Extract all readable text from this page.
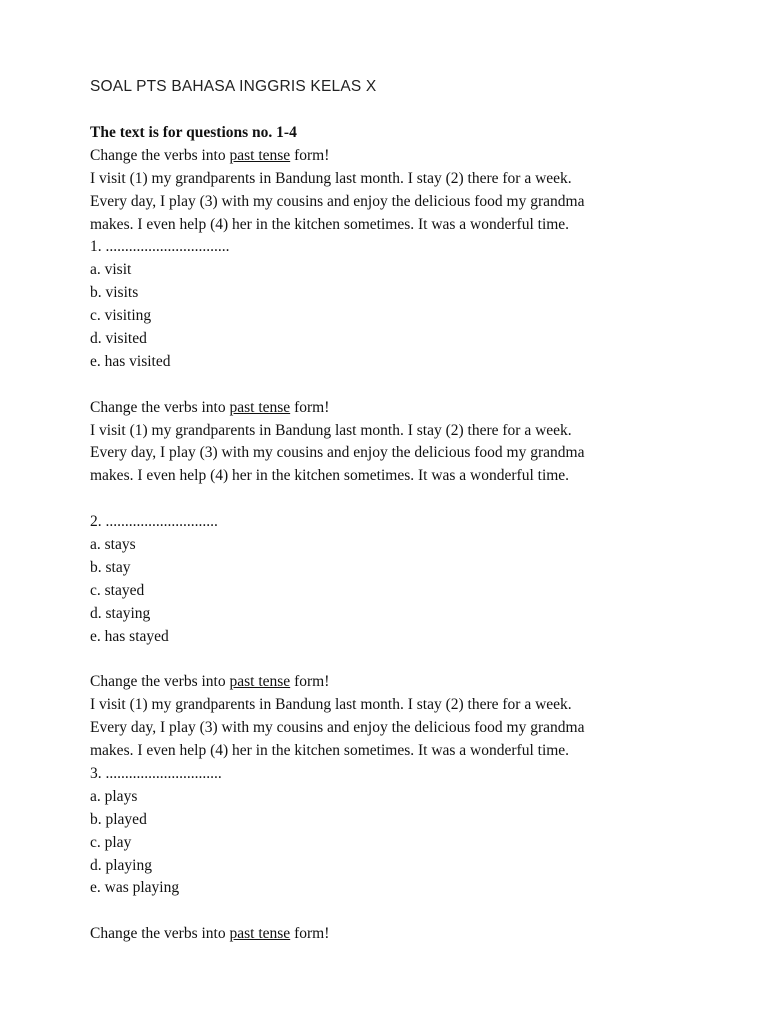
SOAL PTS BAHASA INGGRIS KELAS X
The text is for questions no. 1-4
Change the verbs into past tense form!
I visit (1) my grandparents in Bandung last month. I stay (2) there for a week.
Every day, I play (3) with my cousins and enjoy the delicious food my grandma
makes. I even help (4) her in the kitchen sometimes. It was a wonderful time.
1. ................................
a. visit
b. visits
c. visiting
d. visited
e. has visited
Change the verbs into past tense form!
I visit (1) my grandparents in Bandung last month. I stay (2) there for a week.
Every day, I play (3) with my cousins and enjoy the delicious food my grandma
makes. I even help (4) her in the kitchen sometimes. It was a wonderful time.
2. .............................
a. stays
b. stay
c. stayed
d. staying
e. has stayed
Change the verbs into past tense form!
I visit (1) my grandparents in Bandung last month. I stay (2) there for a week.
Every day, I play (3) with my cousins and enjoy the delicious food my grandma
makes. I even help (4) her in the kitchen sometimes. It was a wonderful time.
3. ..............................
a. plays
b. played
c. play
d. playing
e. was playing
Change the verbs into past tense form!
